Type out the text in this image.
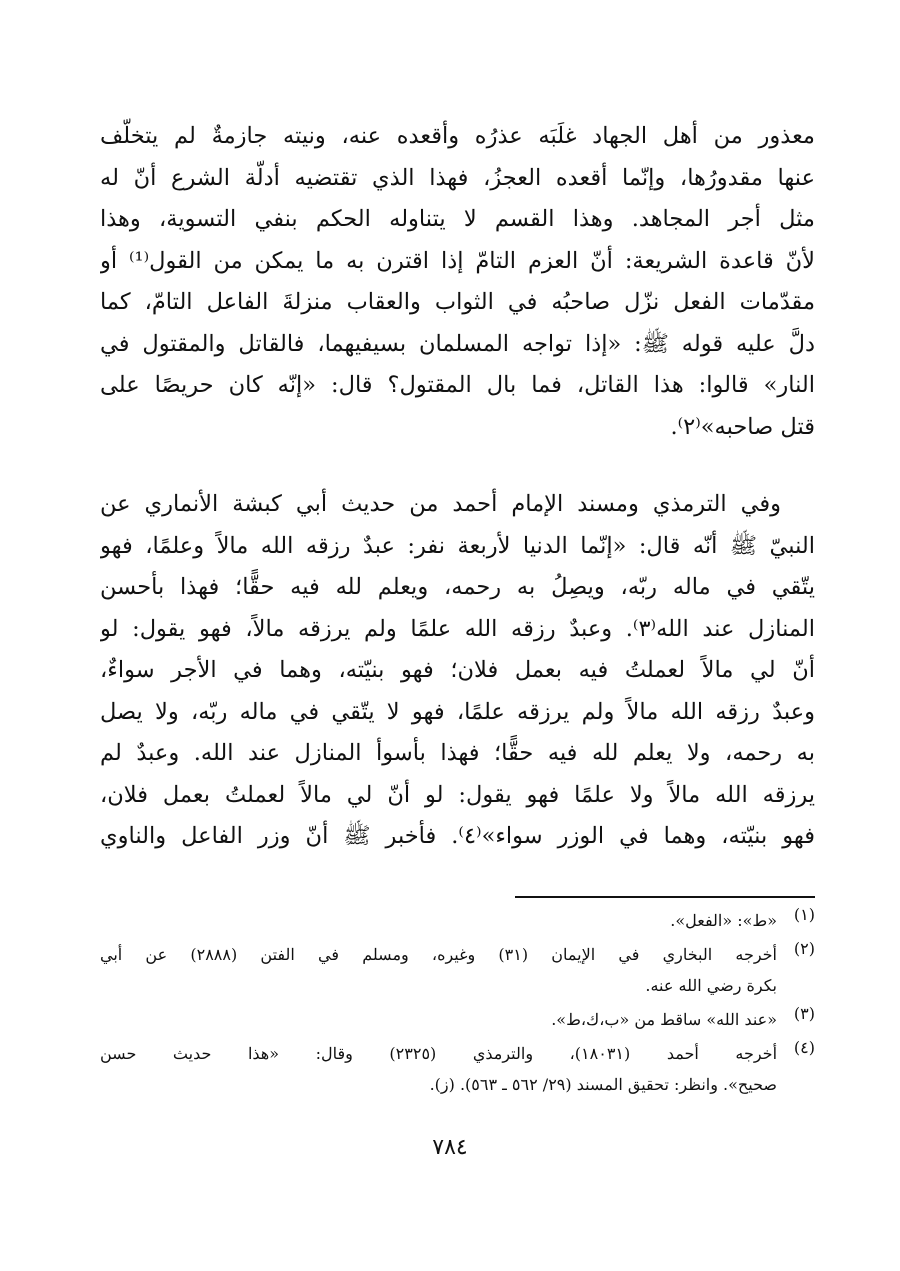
معذور من أهل الجهاد غلَبَه عذرُه وأقعده عنه، ونيته جازمةٌ لم يتخلّف
عنها مقدورُها، وإنّما أقعده العجزُ، فهذا الذي تقتضيه أدلّة الشرع أنّ له
مثل أجر المجاهد. وهذا القسم لا يتناوله الحكم بنفي التسوية، وهذا
لأنّ قاعدة الشريعة: أنّ العزم التامّ إذا اقترن به ما يمكن من القول⁽¹⁾ أو
مقدّمات الفعل نزّل صاحبُه في الثواب والعقاب منزلةَ الفاعل التامّ، كما
دلَّ عليه قوله ﷺ: «إذا تواجه المسلمان بسيفيهما، فالقاتل والمقتول في
النار» قالوا: هذا القاتل، فما بال المقتول؟ قال: «إنّه كان حريصًا على
قتل صاحبه»⁽٢⁾.
وفي الترمذي ومسند الإمام أحمد من حديث أبي كبشة الأنماري عن
النبيّ ﷺ أنّه قال: «إنّما الدنيا لأربعة نفر: عبدٌ رزقه الله مالاً وعلمًا، فهو
يتّقي في ماله ربّه، ويصِلُ به رحمه، ويعلم لله فيه حقًّا؛ فهذا بأحسن
المنازل عند الله⁽٣⁾. وعبدٌ رزقه الله علمًا ولم يرزقه مالاً، فهو يقول: لو
أنّ لي مالاً لعملتُ فيه بعمل فلان؛ فهو بنيّته، وهما في الأجر سواءٌ،
وعبدٌ رزقه الله مالاً ولم يرزقه علمًا، فهو لا يتّقي في ماله ربّه، ولا يصل
به رحمه، ولا يعلم لله فيه حقًّا؛ فهذا بأسوأ المنازل عند الله. وعبدٌ لم
يرزقه الله مالاً ولا علمًا فهو يقول: لو أنّ لي مالاً لعملتُ بعمل فلان،
فهو بنيّته، وهما في الوزر سواء»⁽٤⁾. فأخبر ﷺ أنّ وزر الفاعل والناوي
(١)
«ط»: «الفعل».
(٢)
أخرجه البخاري في الإيمان (٣١) وغيره، ومسلم في الفتن (٢٨٨٨) عن أبي
بكرة رضي الله عنه.
(٣)
«عند الله» ساقط من «ب،ك،ط».
(٤)
أخرجه أحمد (١٨٠٣١)، والترمذي (٢٣٢٥) وقال: «هذا حديث حسن
صحيح». وانظر: تحقيق المسند (٢٩/ ٥٦٢ ـ ٥٦٣). (ز).
٧٨٤
